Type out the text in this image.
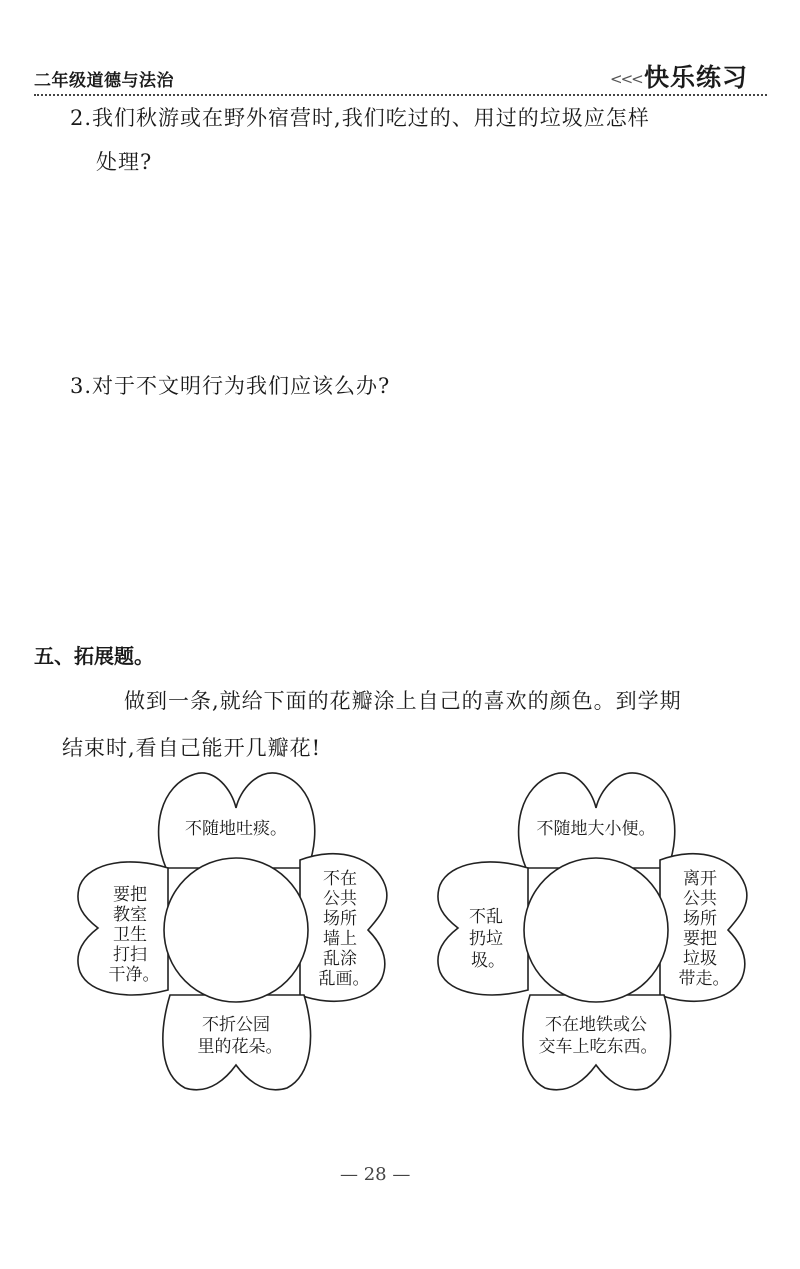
二年级道德与法治	<<< 快乐练习
2.我们秋游或在野外宿营时,我们吃过的、用过的垃圾应怎样
处理?
3.对于不文明行为我们应该么办?
五、拓展题。
做到一条,就给下面的花瓣涂上自己的喜欢的颜色。到学期
结束时,看自己能开几瓣花!
不随地吐痰。
要把
教室
卫生
打扫
干净。
不在
公共
场所
墙上
乱涂
乱画。
不折公园
里的花朵。
不随地大小便。
不乱
扔垃
圾。
离开
公共
场所
要把
垃圾
带走。
不在地铁或公
交车上吃东西。
— 28 —
